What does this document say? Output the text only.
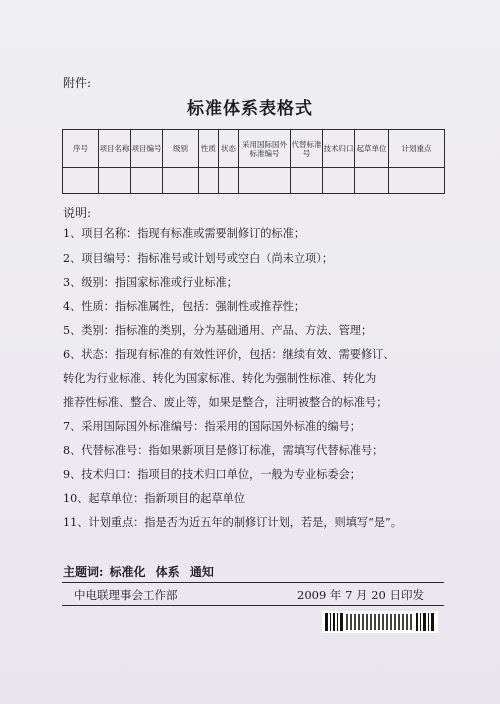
附件:
标准体系表格式
序号	项目名称	项目编号	级别	性质	状态	采用国际国外标准编号	代替标准号	技术归口	起草单位	计划重点

说明:
1、项目名称：指现有标准或需要制修订的标准；
2、项目编号：指标准号或计划号或空白（尚未立项）；
3、级别：指国家标准或行业标准；
4、性质：指标准属性，包括：强制性或推荐性；
5、类别：指标准的类别，分为基础通用、产品、方法、管理；
6、状态：指现有标准的有效性评价，包括：继续有效、需要修订、
转化为行业标准、转化为国家标准、转化为强制性标准、转化为
推荐性标准、整合、废止等，如果是整合，注明被整合的标准号；
7、采用国际国外标准编号：指采用的国际国外标准的编号；
8、代替标准号：指如果新项目是修订标准，需填写代替标准号；
9、技术归口：指项目的技术归口单位，一般为专业标委会；
10、起草单位：指新项目的起草单位
11、计划重点：指是否为近五年的制修订计划，若是，则填写“是”。
主题词: 标准化 体系 通知
中电联理事会工作部	2009 年 7 月 20 日印发
